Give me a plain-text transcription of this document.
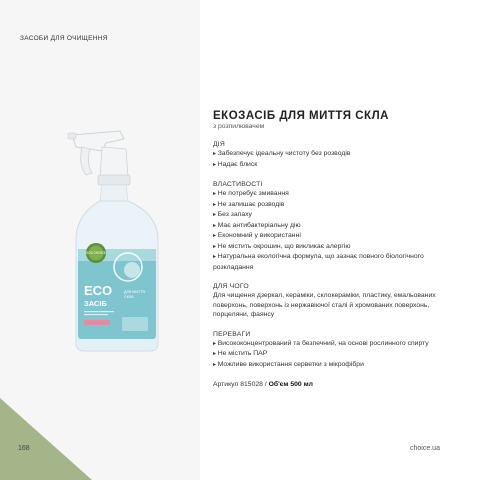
ЗАСОБИ ДЛЯ ОЧИЩЕННЯ
SOS CHOICE
ECO
ЗАСІБ
ДЛЯ МИТТЯ
СКЛА
ЕКОЗАСІБ ДЛЯ МИТТЯ СКЛА
з розпилювачем
ДІЯ
▸ Забезпечує ідеальну чистоту без розводів
▸ Надає блиск
ВЛАСТИВОСТІ
▸ Не потребує змивання
▸ Не залишає розводів
▸ Без запаху
▸ Має антибактеріальну дію
▸ Економний у використанні
▸ Не містить окрошин, що викликає алергію
▸ Натуральна екологічна формула, що зазнає повного біологічного розкладання
ДЛЯ ЧОГО
Для чищення дзеркал, кераміки, склокераміки, пластику, емальованих поверхонь, поверхонь із нержавіючої сталі й хромованих поверхонь, порцеляни, фаянсу
ПЕРЕВАГИ
▸ Висококонцентрований та безпечний, на основі рослинного спирту
▸ Не містить ПАР
▸ Можливе використання серветки з мікрофібри
Артикул 815028 / Об'єм 500 мл
168	choice.ua
